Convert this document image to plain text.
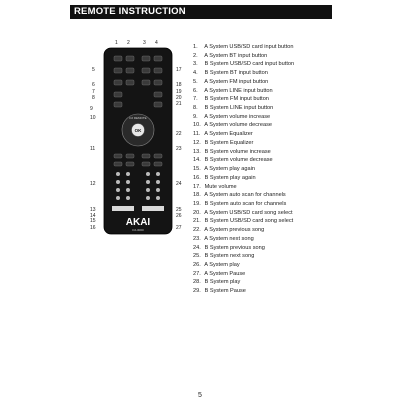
REMOTE INSTRUCTION
OK
AKAI
DJ-3000
DJ REMOTE
1 2	3 4
5
6
7
8
9
10
11
12
13
14
15
16
17
18
19
20
21
22
23
24
25
26
27
1. A System USB/SD card input button
2. A System BT input button
3. B System USB/SD card input button
4. B System BT input button
5. A System FM input button
6. A System LINE input button
7. B System FM input button
8. B System LINE input button
9. A System volume increase
10. A System volume decrease
11. A System Equalizer
12. B System Equalizer
13. B System volume increase
14. B System volume decrease
15. A System play again
16. B System play again
17. Mute volume
18. A System auto scan for channels
19. B System auto scan for channels
20. A System USB/SD card song select
21. B System USB/SD card song select
22. A System previous song
23. A System next song
24. B System previous song
25. B System next song
26. A System play
27. A System Pause
28. B System play
29. B System Pause
5
